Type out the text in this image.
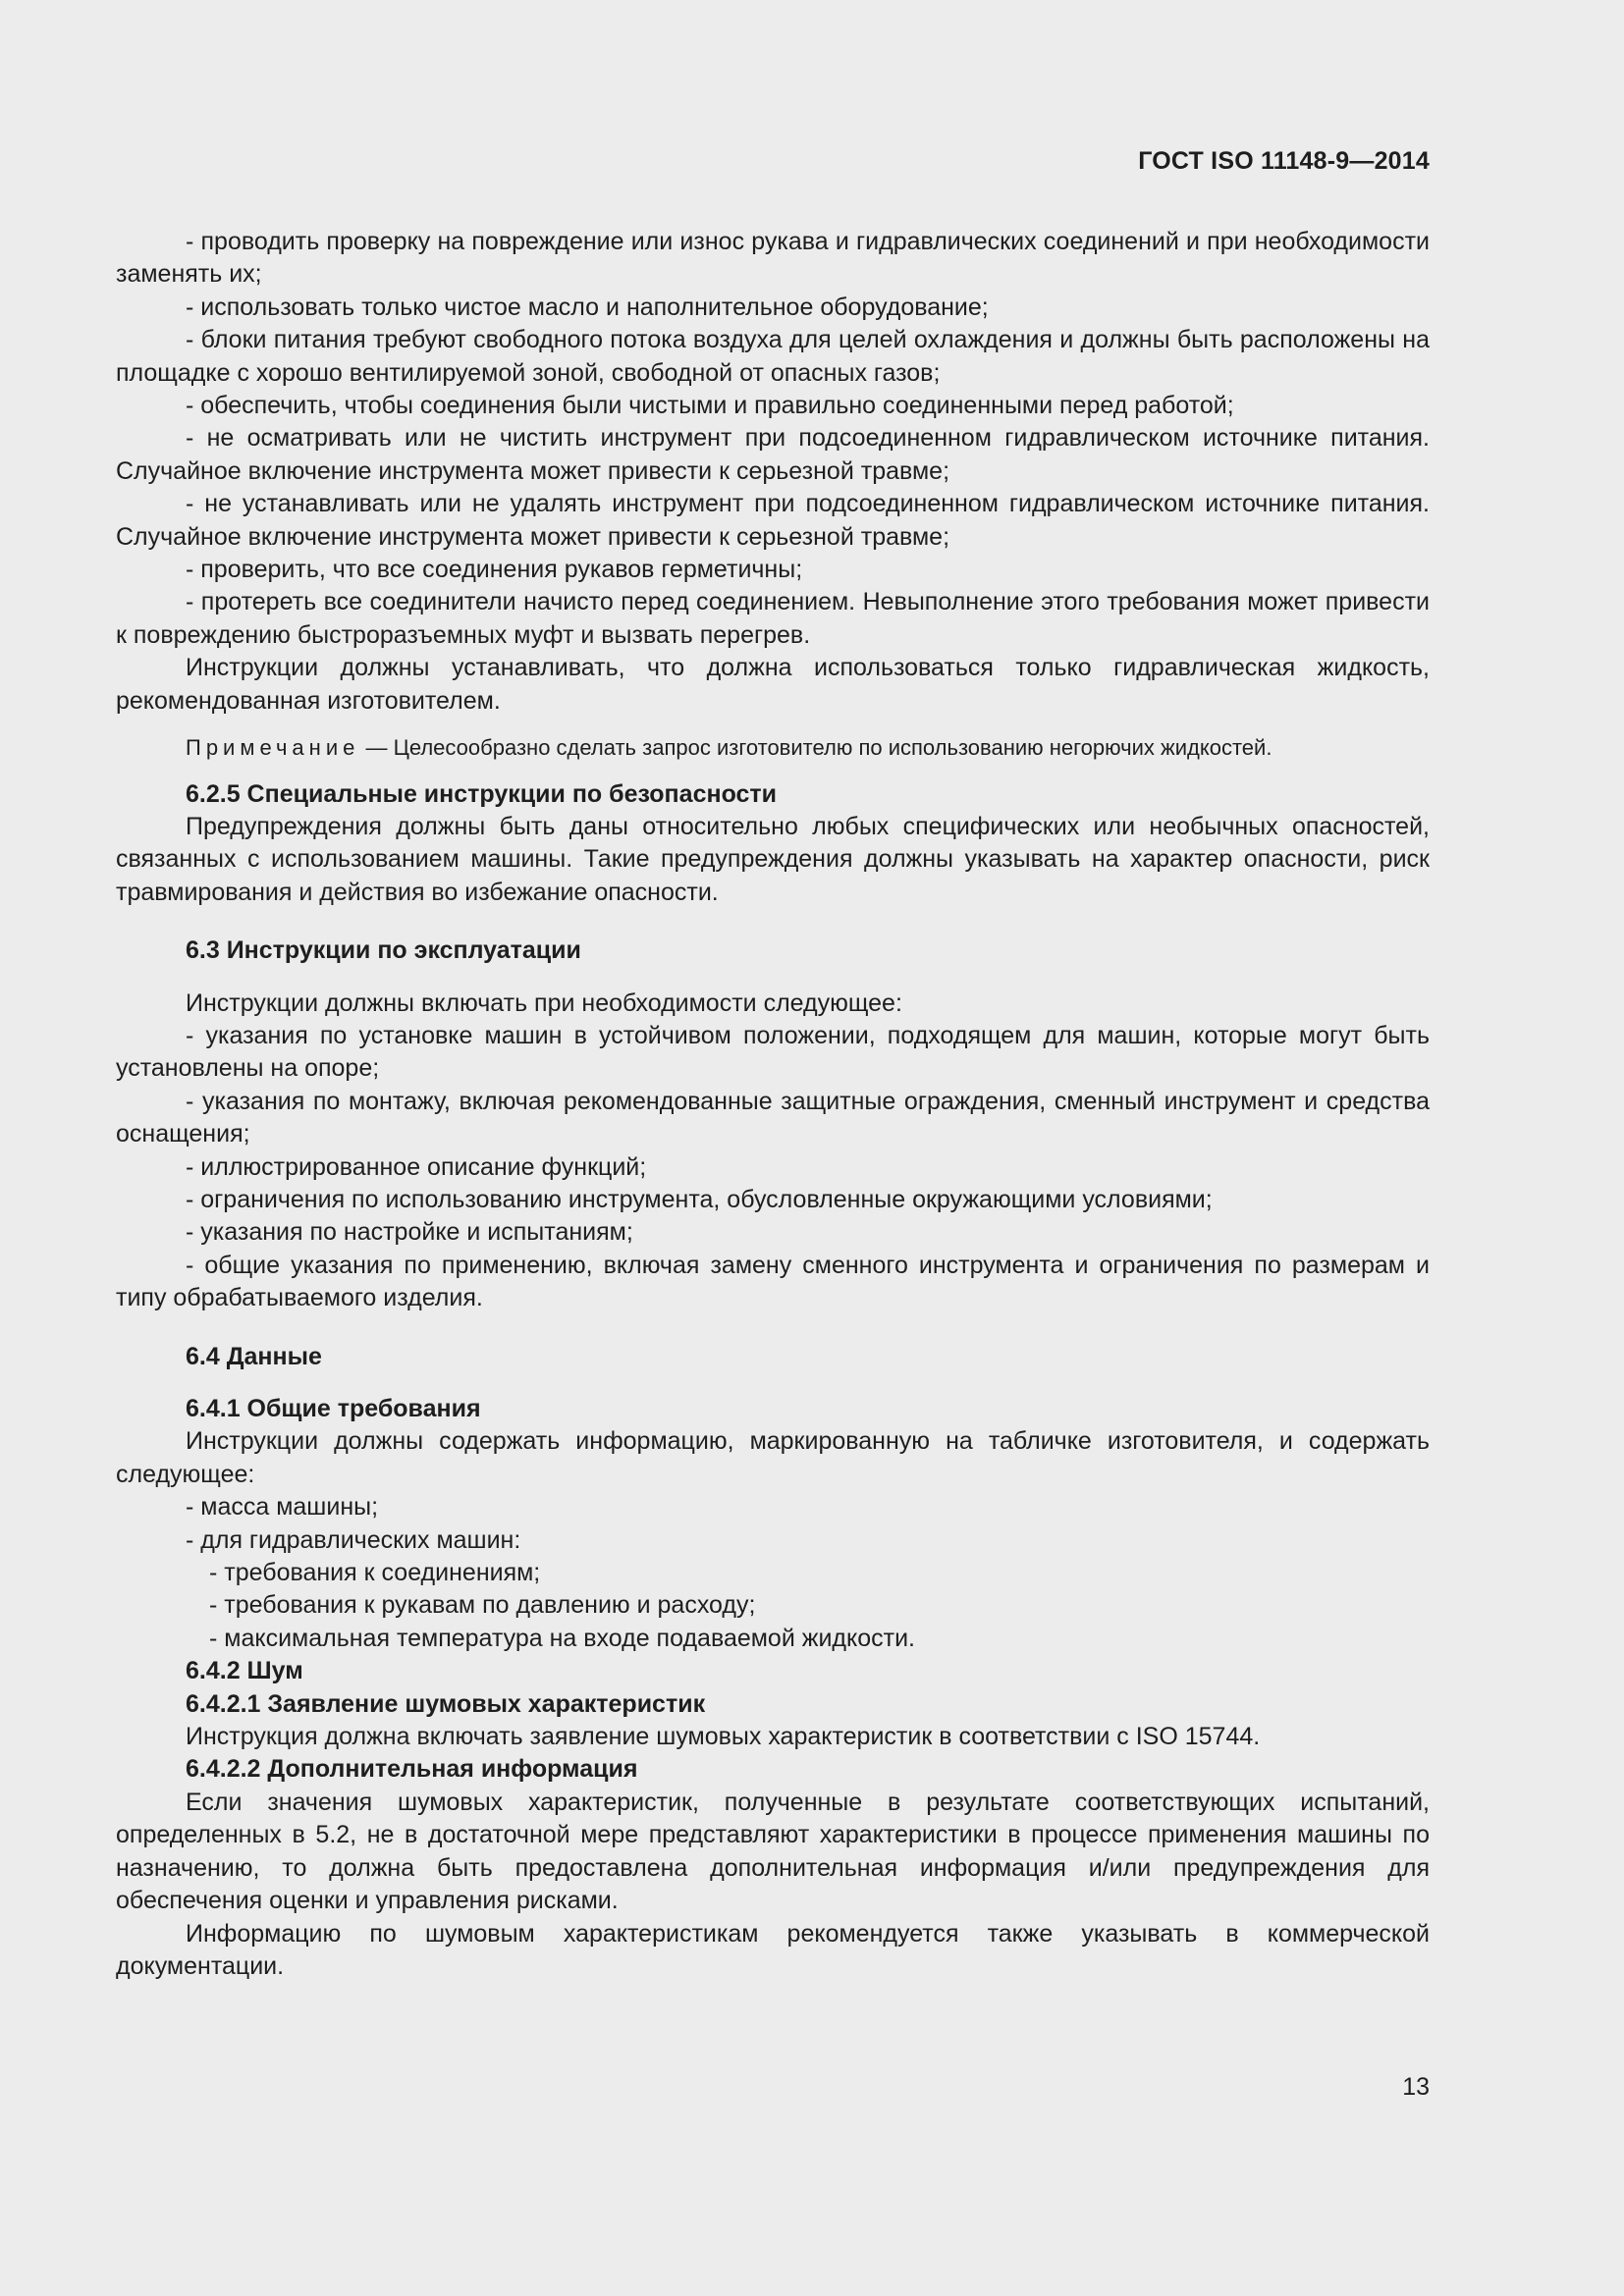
ГОСТ ISO 11148-9—2014

- проводить проверку на повреждение или износ рукава и гидравлических соединений и при необходимости заменять их;

- использовать только чистое масло и наполнительное оборудование;

- блоки питания требуют свободного потока воздуха для целей охлаждения и должны быть расположены на площадке с хорошо вентилируемой зоной, свободной от опасных газов;

- обеспечить, чтобы соединения были чистыми и правильно соединенными перед работой;

- не осматривать или не чистить инструмент при подсоединенном гидравлическом источнике питания. Случайное включение инструмента может привести к серьезной травме;

- не устанавливать или не удалять инструмент при подсоединенном гидравлическом источнике питания. Случайное включение инструмента может привести к серьезной травме;

- проверить, что все соединения рукавов герметичны;

- протереть все соединители начисто перед соединением. Невыполнение этого требования может привести к повреждению быстроразъемных муфт и вызвать перегрев.

Инструкции должны устанавливать, что должна использоваться только гидравлическая жидкость, рекомендованная изготовителем.

Примечание — Целесообразно сделать запрос изготовителю по использованию негорючих жидкостей.

6.2.5 Специальные инструкции по безопасности

Предупреждения должны быть даны относительно любых специфических или необычных опасностей, связанных с использованием машины. Такие предупреждения должны указывать на характер опасности, риск травмирования и действия во избежание опасности.

6.3 Инструкции по эксплуатации

Инструкции должны включать при необходимости следующее:

- указания по установке машин в устойчивом положении, подходящем для машин, которые могут быть установлены на опоре;

- указания по монтажу, включая рекомендованные защитные ограждения, сменный инструмент и средства оснащения;

- иллюстрированное описание функций;

- ограничения по использованию инструмента, обусловленные окружающими условиями;

- указания по настройке и испытаниям;

- общие указания по применению, включая замену сменного инструмента и ограничения по размерам и типу обрабатываемого изделия.

6.4 Данные

6.4.1 Общие требования

Инструкции должны содержать информацию, маркированную на табличке изготовителя, и содержать следующее:

- масса машины;

- для гидравлических машин:

- требования к соединениям;

- требования к рукавам по давлению и расходу;

- максимальная температура на входе подаваемой жидкости.

6.4.2 Шум

6.4.2.1 Заявление шумовых характеристик

Инструкция должна включать заявление шумовых характеристик в соответствии с ISO 15744.

6.4.2.2 Дополнительная информация

Если значения шумовых характеристик, полученные в результате соответствующих испытаний, определенных в 5.2, не в достаточной мере представляют характеристики в процессе применения машины по назначению, то должна быть предоставлена дополнительная информация и/или предупреждения для обеспечения оценки и управления рисками.

Информацию по шумовым характеристикам рекомендуется также указывать в коммерческой документации.

13
